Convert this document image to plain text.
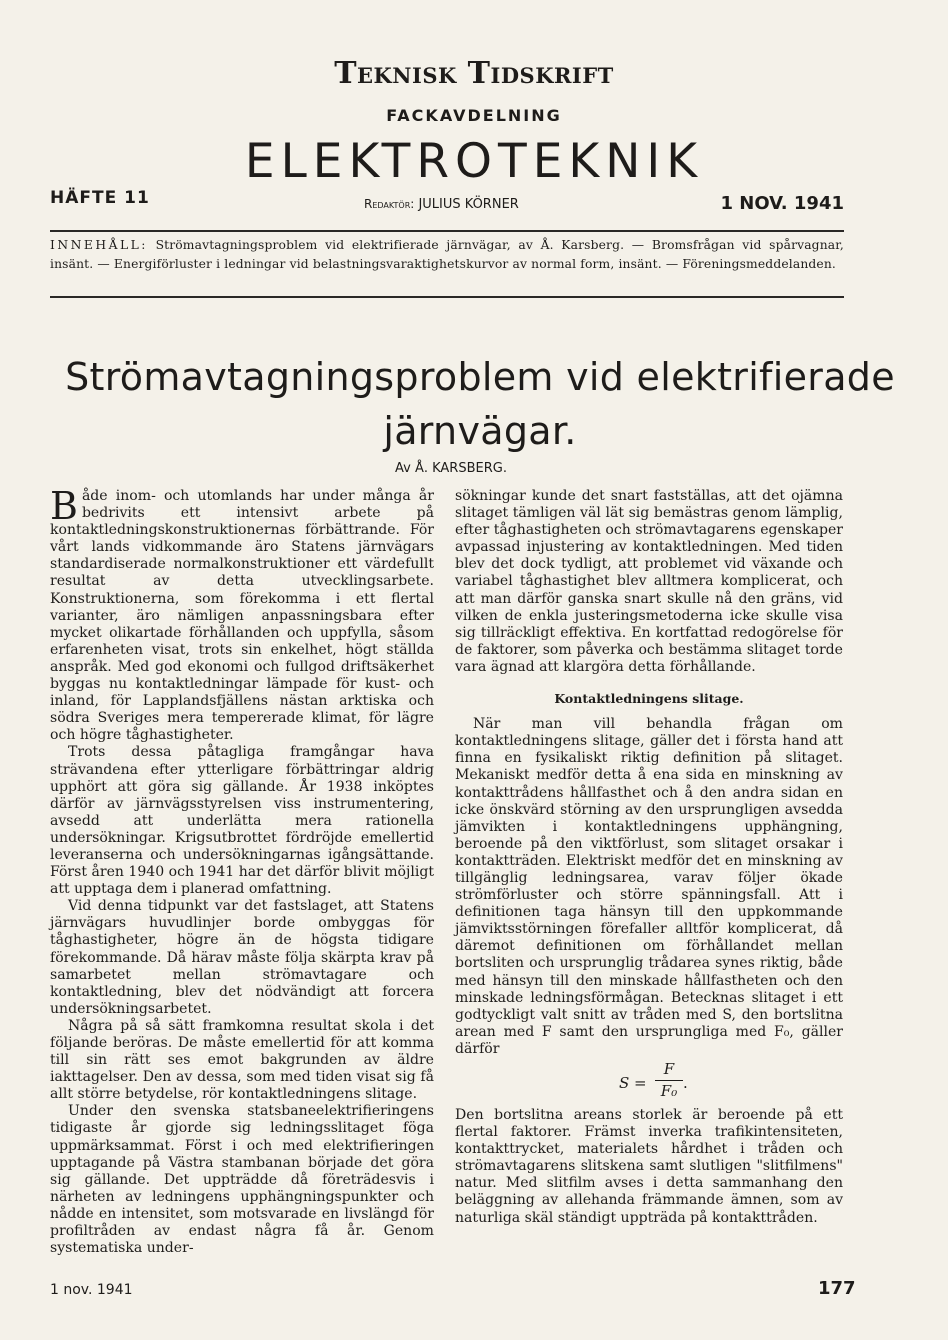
Teknisk Tidskrift
FACKAVDELNING
ELEKTROTEKNIK
HÄFTE 11	Redaktör: JULIUS KÖRNER	1 NOV. 1941
INNEHÅLL: Strömavtagningsproblem vid elektrifierade järnvägar, av Å. Karsberg. — Bromsfrågan vid spårvagnar, insänt. — Energiförluster i ledningar vid belastningsvaraktighetskurvor av normal form, insänt. — Föreningsmeddelanden.
Strömavtagningsproblem vid elektrifierade
järnvägar.
Av Å. KARSBERG.

Både inom- och utomlands har under många år bedrivits ett intensivt arbete på kontaktledningskonstruktionernas förbättrande. För vårt lands vidkommande äro Statens järnvägars standardiserade normalkonstruktioner ett värdefullt resultat av detta utvecklingsarbete. Konstruktionerna, som förekomma i ett flertal varianter, äro nämligen anpassningsbara efter mycket olikartade förhållanden och uppfylla, såsom erfarenheten visat, trots sin enkelhet, högt ställda anspråk. Med god ekonomi och fullgod driftsäkerhet byggas nu kontaktledningar lämpade för kust- och inland, för Lapplandsfjällens nästan arktiska och södra Sveriges mera tempererade klimat, för lägre och högre tåghastigheter.

Trots dessa påtagliga framgångar hava strävandena efter ytterligare förbättringar aldrig upphört att göra sig gällande. År 1938 inköptes därför av järnvägsstyrelsen viss instrumentering, avsedd att underlätta mera rationella undersökningar. Krigsutbrottet fördröjde emellertid leveranserna och undersökningarnas igångsättande. Först åren 1940 och 1941 har det därför blivit möjligt att upptaga dem i planerad omfattning.

Vid denna tidpunkt var det fastslaget, att Statens järnvägars huvudlinjer borde ombyggas för tåghastigheter, högre än de högsta tidigare förekommande. Då härav måste följa skärpta krav på samarbetet mellan strömavtagare och kontaktledning, blev det nödvändigt att forcera undersökningsarbetet.

Några på så sätt framkomna resultat skola i det följande beröras. De måste emellertid för att komma till sin rätt ses emot bakgrunden av äldre iakttagelser. Den av dessa, som med tiden visat sig få allt större betydelse, rör kontaktledningens slitage.

Under den svenska statsbaneelektrifieringens tidigaste år gjorde sig ledningsslitaget föga uppmärksammat. Först i och med elektrifieringen upptagande på Västra stambanan började det göra sig gällande. Det uppträdde då företrädesvis i närheten av ledningens upphängningspunkter och nådde en intensitet, som motsvarade en livslängd för profiltråden av endast några få år. Genom systematiska under-

sökningar kunde det snart fastställas, att det ojämna slitaget tämligen väl lät sig bemästras genom lämplig, efter tåghastigheten och strömavtagarens egenskaper avpassad injustering av kontaktledningen. Med tiden blev det dock tydligt, att problemet vid växande och variabel tåghastighet blev alltmera komplicerat, och att man därför ganska snart skulle nå den gräns, vid vilken de enkla justeringsmetoderna icke skulle visa sig tillräckligt effektiva. En kortfattad redogörelse för de faktorer, som påverka och bestämma slitaget torde vara ägnad att klargöra detta förhållande.

Kontaktledningens slitage.

När man vill behandla frågan om kontaktledningens slitage, gäller det i första hand att finna en fysikaliskt riktig definition på slitaget. Mekaniskt medför detta å ena sida en minskning av kontakttrådens hållfasthet och å den andra sidan en icke önskvärd störning av den ursprungligen avsedda jämvikten i kontaktledningens upphängning, beroende på den viktförlust, som slitaget orsakar i kontaktträden. Elektriskt medför det en minskning av tillgänglig ledningsarea, varav följer ökade strömförluster och större spänningsfall. Att i definitionen taga hänsyn till den uppkommande jämviktsstörningen förefaller alltför komplicerat, då däremot definitionen om förhållandet mellan bortsliten och ursprunglig trådarea synes riktig, både med hänsyn till den minskade hållfastheten och den minskade ledningsförmågan. Betecknas slitaget i ett godtyckligt valt snitt av tråden med S, den bortslitna arean med F samt den ursprungliga med F₀, gäller därför

S =
F
F₀ .

Den bortslitna areans storlek är beroende på ett flertal faktorer. Främst inverka trafikintensiteten, kontakttrycket, materialets hårdhet i tråden och strömavtagarens slitskena samt slutligen "slitfilmens" natur. Med slitfilm avses i detta sammanhang den beläggning av allehanda främmande ämnen, som av naturliga skäl ständigt uppträda på kontakttråden.

1 nov. 1941	177
